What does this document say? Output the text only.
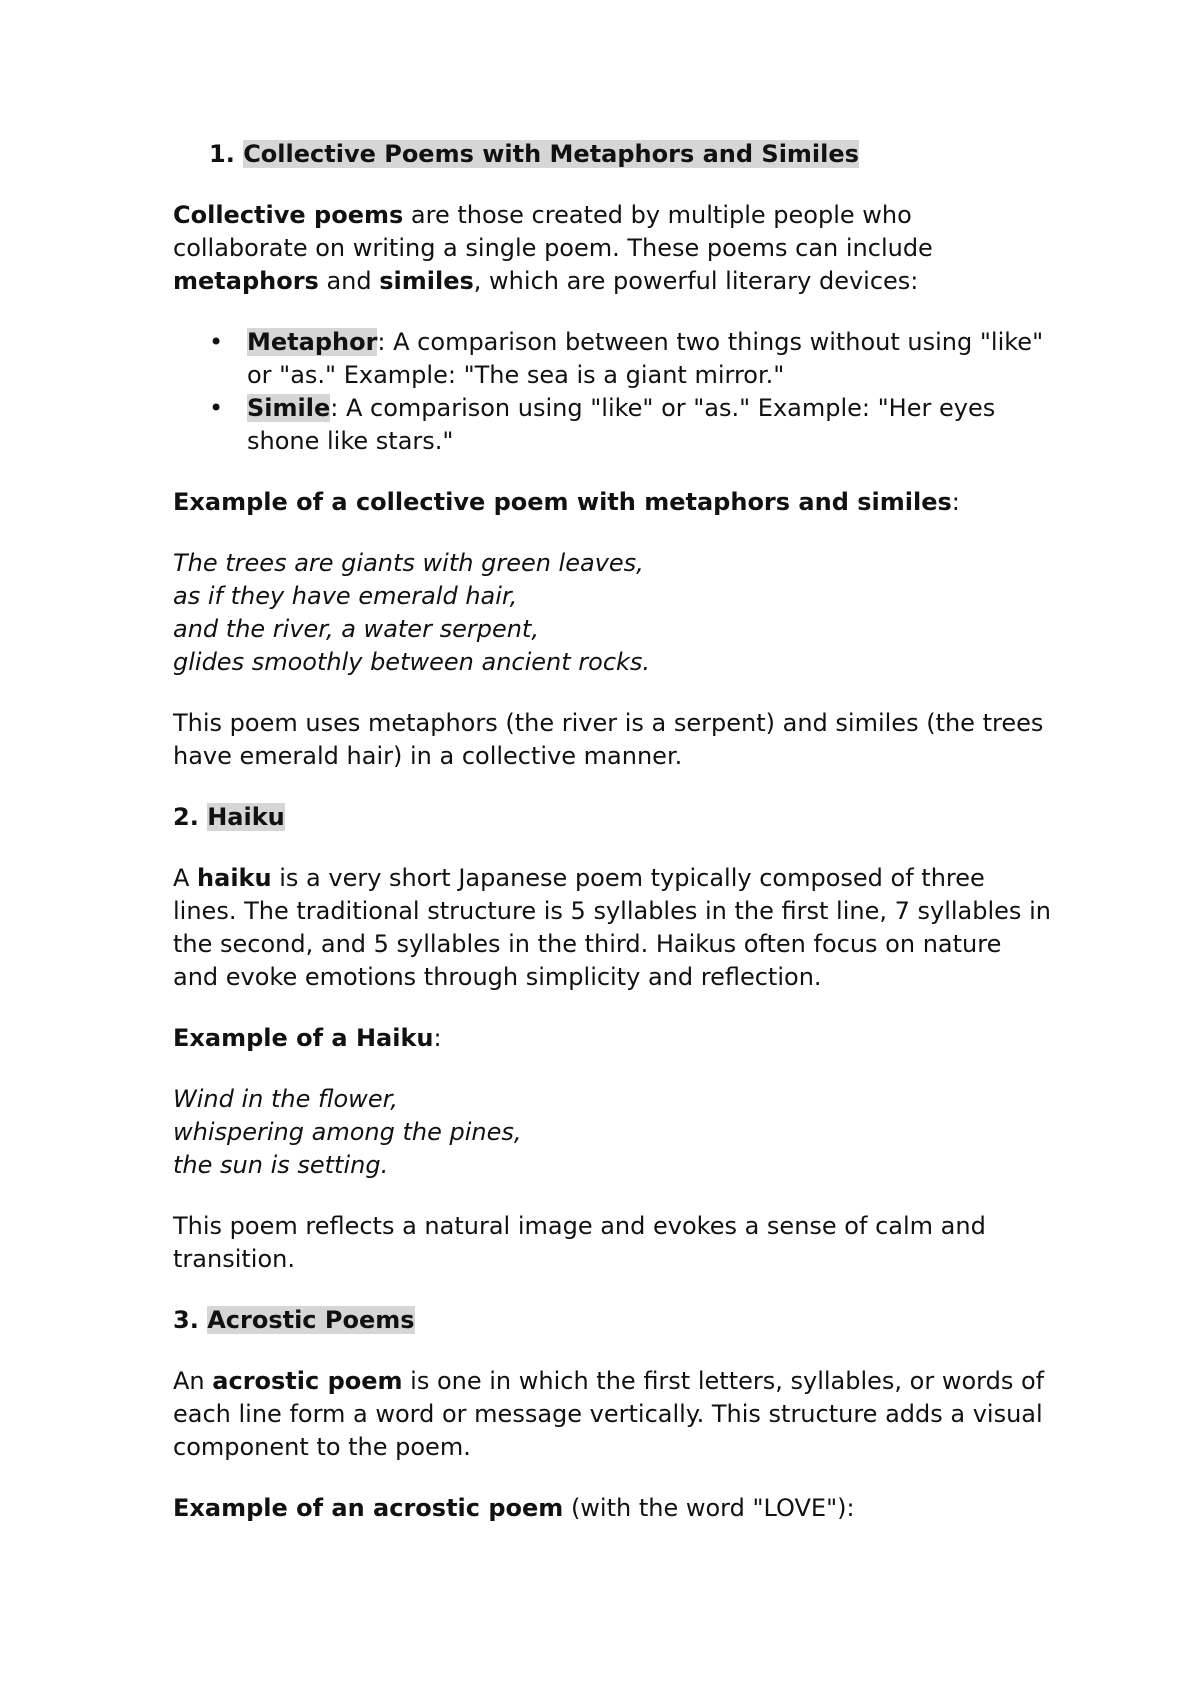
1. Collective Poems with Metaphors and Similes

Collective poems are those created by multiple people who collaborate on writing a single poem. These poems can include metaphors and similes, which are powerful literary devices:

• Metaphor: A comparison between two things without using "like" or "as." Example: "The sea is a giant mirror."
• Simile: A comparison using "like" or "as." Example: "Her eyes shone like stars."

Example of a collective poem with metaphors and similes:

The trees are giants with green leaves,
as if they have emerald hair,
and the river, a water serpent,
glides smoothly between ancient rocks.

This poem uses metaphors (the river is a serpent) and similes (the trees have emerald hair) in a collective manner.

2. Haiku

A haiku is a very short Japanese poem typically composed of three lines. The traditional structure is 5 syllables in the first line, 7 syllables in the second, and 5 syllables in the third. Haikus often focus on nature and evoke emotions through simplicity and reflection.

Example of a Haiku:

Wind in the flower,
whispering among the pines,
the sun is setting.

This poem reflects a natural image and evokes a sense of calm and transition.

3. Acrostic Poems

An acrostic poem is one in which the first letters, syllables, or words of each line form a word or message vertically. This structure adds a visual component to the poem.

Example of an acrostic poem (with the word "LOVE"):
